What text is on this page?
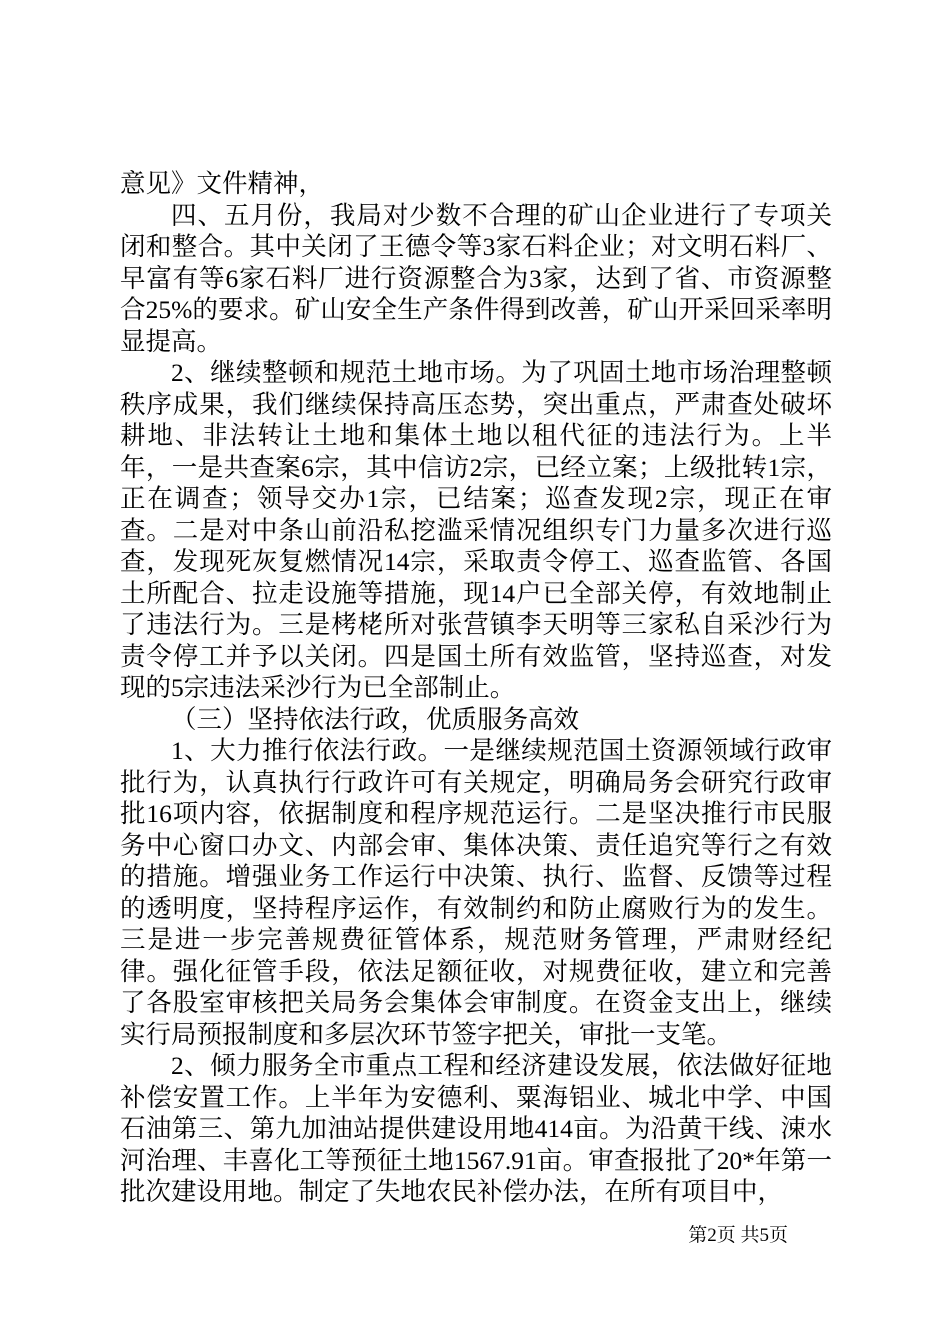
意见》文件精神，

四、五月份，我局对少数不合理的矿山企业进行了专项关闭和整合。其中关闭了王德令等3家石料企业；对文明石料厂、早富有等6家石料厂进行资源整合为3家，达到了省、市资源整合25%的要求。矿山安全生产条件得到改善，矿山开采回采率明显提高。

2、继续整顿和规范土地市场。为了巩固土地市场治理整顿秩序成果，我们继续保持高压态势，突出重点，严肃查处破坏耕地、非法转让土地和集体土地以租代征的违法行为。上半年，一是共查案6宗，其中信访2宗，已经立案；上级批转1宗，正在调查；领导交办1宗，已结案；巡查发现2宗，现正在审查。二是对中条山前沿私挖滥采情况组织专门力量多次进行巡查，发现死灰复燃情况14宗，采取责令停工、巡查监管、各国土所配合、拉走设施等措施，现14户已全部关停，有效地制止了违法行为。三是栲栳所对张营镇李天明等三家私自采沙行为责令停工并予以关闭。四是国土所有效监管，坚持巡查，对发现的5宗违法采沙行为已全部制止。

（三）坚持依法行政，优质服务高效

1、大力推行依法行政。一是继续规范国土资源领域行政审批行为，认真执行行政许可有关规定，明确局务会研究行政审批16项内容，依据制度和程序规范运行。二是坚决推行市民服务中心窗口办文、内部会审、集体决策、责任追究等行之有效的措施。增强业务工作运行中决策、执行、监督、反馈等过程的透明度，坚持程序运作，有效制约和防止腐败行为的发生。三是进一步完善规费征管体系，规范财务管理，严肃财经纪律。强化征管手段，依法足额征收，对规费征收，建立和完善了各股室审核把关局务会集体会审制度。在资金支出上，继续实行局预报制度和多层次环节签字把关，审批一支笔。

2、倾力服务全市重点工程和经济建设发展，依法做好征地补偿安置工作。上半年为安德利、粟海铝业、城北中学、中国石油第三、第九加油站提供建设用地414亩。为沿黄干线、涑水河治理、丰喜化工等预征土地1567.91亩。审查报批了20*年第一批次建设用地。制定了失地农民补偿办法，在所有项目中，

第2页 共5页
